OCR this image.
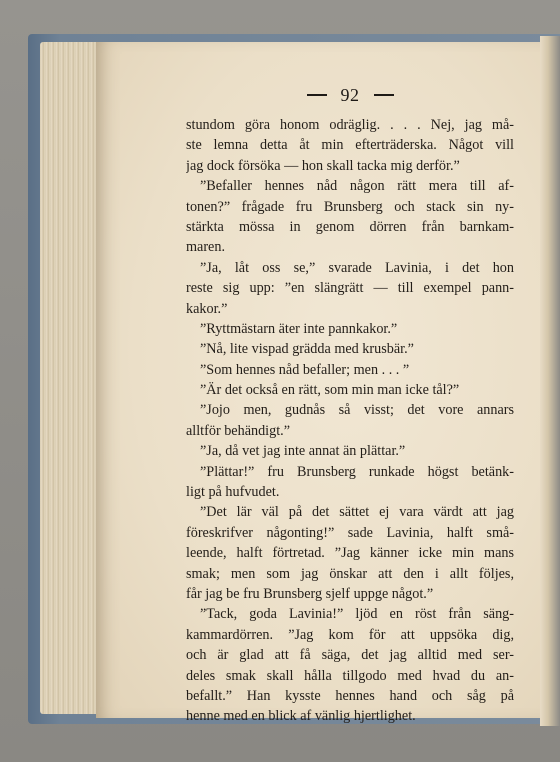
92
stundom göra honom odräglig. . . . Nej, jag må-
ste lemna detta åt min efterträderska. Något vill
jag dock försöka — hon skall tacka mig derför.”
”Befaller hennes nåd någon rätt mera till af-
tonen?” frågade fru Brunsberg och stack sin ny-
stärkta mössa in genom dörren från barnkam-
maren.
”Ja, låt oss se,” svarade Lavinia, i det hon
reste sig upp: ”en slängrätt — till exempel pann-
kakor.”
”Ryttmästarn äter inte pannkakor.”
”Nå, lite vispad grädda med krusbär.”
”Som hennes nåd befaller; men . . . ”
”Är det också en rätt, som min man icke tål?”
”Jojo men, gudnås så visst; det vore annars
alltför behändigt.”
”Ja, då vet jag inte annat än plättar.”
”Plättar!” fru Brunsberg runkade högst betänk-
ligt på hufvudet.
”Det lär väl på det sättet ej vara värdt att jag
föreskrifver någonting!” sade Lavinia, halft små-
leende, halft förtretad. ”Jag känner icke min mans
smak; men som jag önskar att den i allt följes,
får jag be fru Brunsberg sjelf uppge något.”
”Tack, goda Lavinia!” ljöd en röst från säng-
kammardörren. ”Jag kom för att uppsöka dig,
och är glad att få säga, det jag alltid med ser-
deles smak skall hålla tillgodo med hvad du an-
befallt.” Han kysste hennes hand och såg på
henne med en blick af vänlig hjertlighet.
